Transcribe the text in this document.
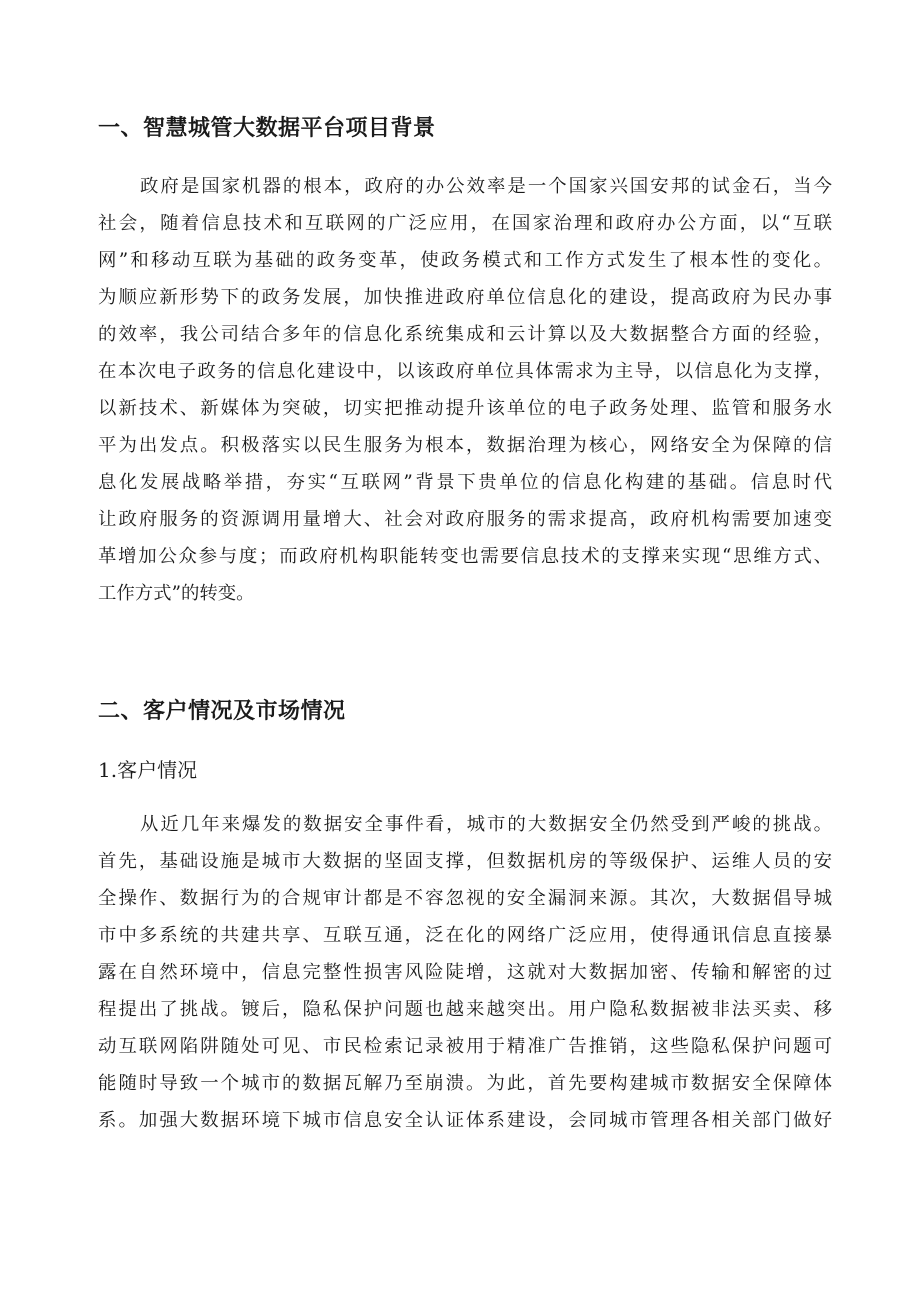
一、智慧城管大数据平台项目背景
政府是国家机器的根本，政府的办公效率是一个国家兴国安邦的试金石，当今
社会，随着信息技术和互联网的广泛应用，在国家治理和政府办公方面，以“互联
网”和移动互联为基础的政务变革，使政务模式和工作方式发生了根本性的变化。
为顺应新形势下的政务发展，加快推进政府单位信息化的建设，提高政府为民办事
的效率，我公司结合多年的信息化系统集成和云计算以及大数据整合方面的经验，
在本次电子政务的信息化建设中，以该政府单位具体需求为主导，以信息化为支撑，
以新技术、新媒体为突破，切实把推动提升该单位的电子政务处理、监管和服务水
平为出发点。积极落实以民生服务为根本，数据治理为核心，网络安全为保障的信
息化发展战略举措，夯实“互联网”背景下贵单位的信息化构建的基础。信息时代
让政府服务的资源调用量增大、社会对政府服务的需求提高，政府机构需要加速变
革增加公众参与度；而政府机构职能转变也需要信息技术的支撑来实现“思维方式、
工作方式”的转变。
二、客户情况及市场情况
1.客户情况
从近几年来爆发的数据安全事件看，城市的大数据安全仍然受到严峻的挑战。
首先，基础设施是城市大数据的坚固支撑，但数据机房的等级保护、运维人员的安
全操作、数据行为的合规审计都是不容忽视的安全漏洞来源。其次，大数据倡导城
市中多系统的共建共享、互联互通，泛在化的网络广泛应用，使得通讯信息直接暴
露在自然环境中，信息完整性损害风险陡增，这就对大数据加密、传输和解密的过
程提出了挑战。镀后，隐私保护问题也越来越突出。用户隐私数据被非法买卖、移
动互联网陷阱随处可见、市民检索记录被用于精准广告推销，这些隐私保护问题可
能随时导致一个城市的数据瓦解乃至崩溃。为此，首先要构建城市数据安全保障体
系。加强大数据环境下城市信息安全认证体系建设，会同城市管理各相关部门做好
